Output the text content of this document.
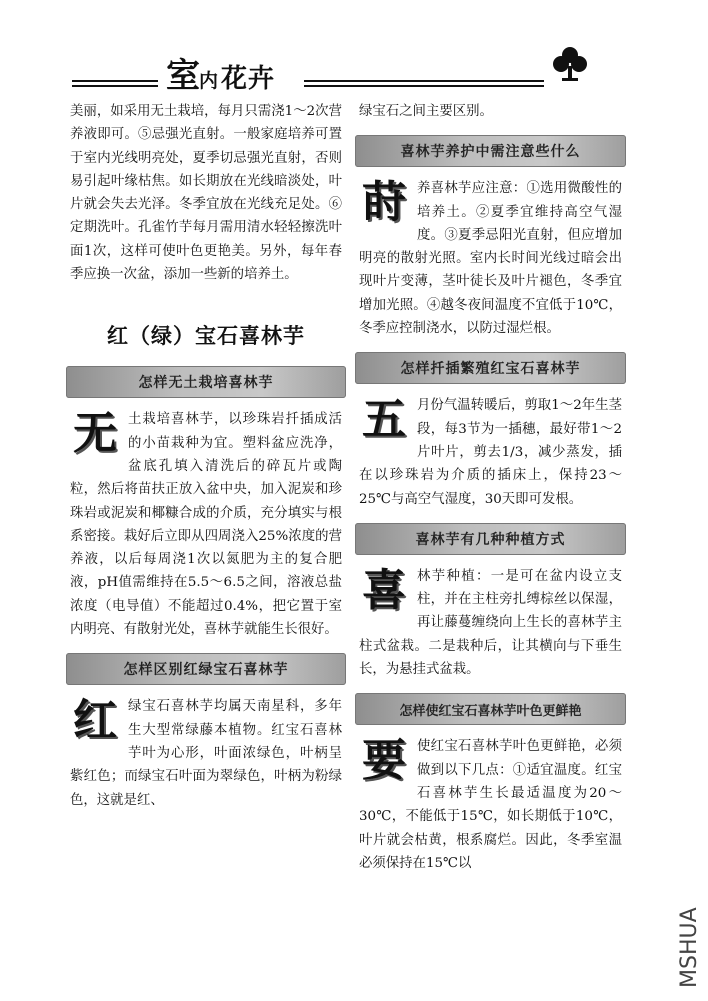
室内花卉

美丽，如采用无土栽培，每月只需浇1～2次营养液即可。⑤忌强光直射。一般家庭培养可置于室内光线明亮处，夏季切忌强光直射，否则易引起叶缘枯焦。如长期放在光线暗淡处，叶片就会失去光泽。冬季宜放在光线充足处。⑥定期洗叶。孔雀竹芋每月需用清水轻轻擦洗叶面1次，这样可使叶色更艳美。另外，每年春季应换一次盆，添加一些新的培养土。

红（绿）宝石喜林芋
怎样无土栽培喜林芋

无土栽培喜林芋，以珍珠岩扦插成活的小苗栽种为宜。塑料盆应洗净，盆底孔填入清洗后的碎瓦片或陶粒，然后将苗扶正放入盆中央，加入泥炭和珍珠岩或泥炭和椰糠合成的介质，充分填实与根系密接。栽好后立即从四周浇入25%浓度的营养液，以后每周浇1次以氮肥为主的复合肥液，pH值需维持在5.5～6.5之间，溶液总盐浓度（电导值）不能超过0.4%，把它置于室内明亮、有散射光处，喜林芋就能生长很好。

怎样区别红绿宝石喜林芋

红绿宝石喜林芋均属天南星科，多年生大型常绿藤本植物。红宝石喜林芋叶为心形，叶面浓绿色，叶柄呈紫红色；而绿宝石叶面为翠绿色，叶柄为粉绿色，这就是红、

绿宝石之间主要区别。

喜林芋养护中需注意些什么

莳养喜林芋应注意：①选用微酸性的培养土。②夏季宜维持高空气湿度。③夏季忌阳光直射，但应增加明亮的散射光照。室内长时间光线过暗会出现叶片变薄，茎叶徒长及叶片褪色，冬季宜增加光照。④越冬夜间温度不宜低于10℃，冬季应控制浇水，以防过湿烂根。

怎样扦插繁殖红宝石喜林芋

五月份气温转暖后，剪取1～2年生茎段，每3节为一插穗，最好带1～2片叶片，剪去1/3，减少蒸发，插在以珍珠岩为介质的插床上，保持23～25℃与高空气湿度，30天即可发根。

喜林芋有几种种植方式

喜林芋种植：一是可在盆内设立支柱，并在主柱旁扎缚棕丝以保湿，再让藤蔓缠绕向上生长的喜林芋主柱式盆栽。二是栽种后，让其横向与下垂生长，为悬挂式盆栽。

怎样使红宝石喜林芋叶色更鲜艳

要使红宝石喜林芋叶色更鲜艳，必须做到以下几点：①适宜温度。红宝石喜林芋生长最适温度为20～30℃，不能低于15℃，如长期低于10℃，叶片就会枯黄，根系腐烂。因此，冬季室温必须保持在15℃以

MSHUA
